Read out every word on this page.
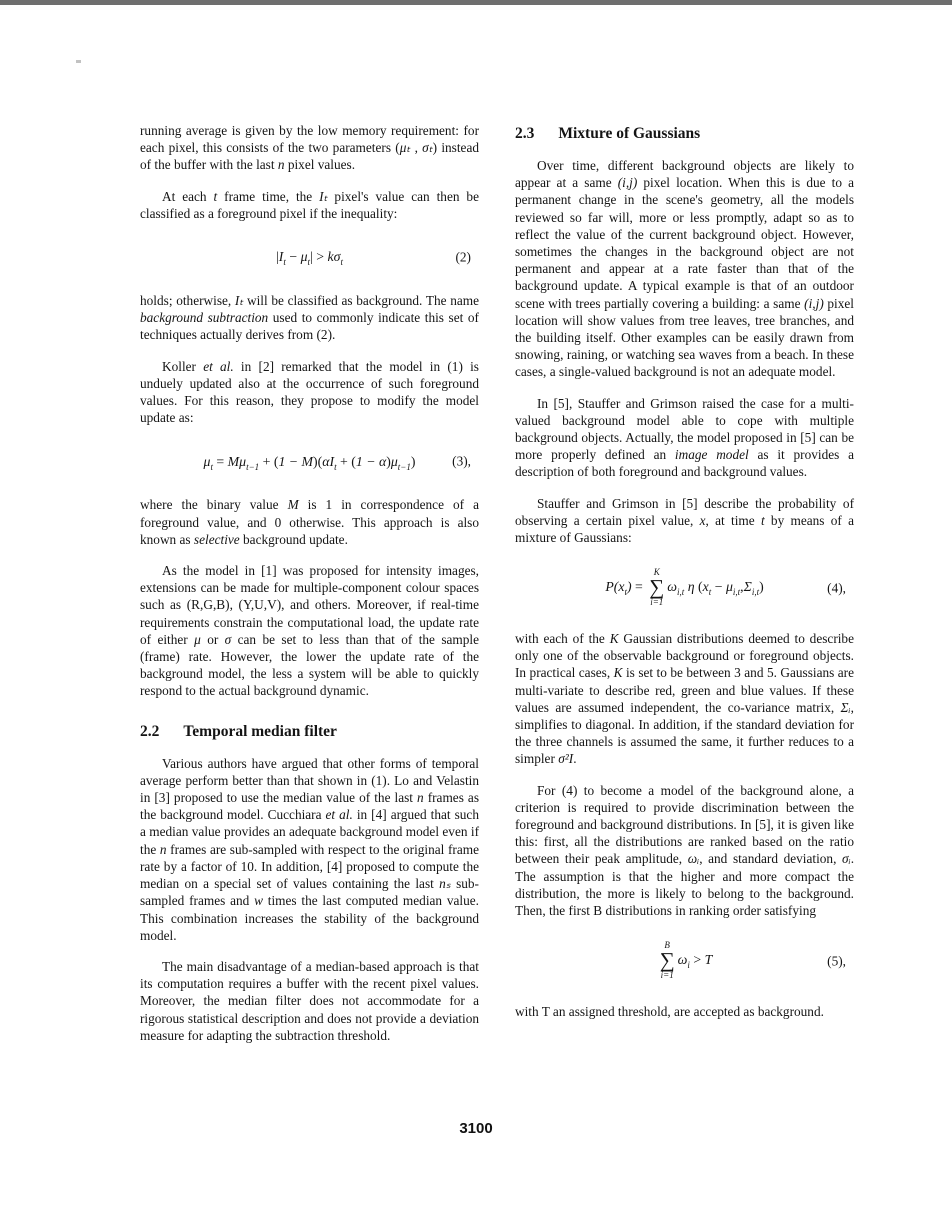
running average is given by the low memory requirement: for each pixel, this consists of the two parameters (μₜ , σₜ) instead of the buffer with the last n pixel values.

At each t frame time, the Iₜ pixel's value can then be classified as a foreground pixel if the inequality:

$|I_t - \mu_t| > k\sigma_t$	(2)

holds; otherwise, Iₜ will be classified as background. The name background subtraction used to commonly indicate this set of techniques actually derives from (2).

Koller et al. in [2] remarked that the model in (1) is unduely updated also at the occurrence of such foreground values. For this reason, they propose to modify the model update as:

$\mu_t = M\mu_{t-1} + (1 - M)(\alpha I_t + (1 - \alpha)\mu_{t-1})$	(3),

where the binary value M is 1 in correspondence of a foreground value, and 0 otherwise. This approach is also known as selective background update.

As the model in [1] was proposed for intensity images, extensions can be made for multiple-component colour spaces such as (R,G,B), (Y,U,V), and others. Moreover, if real-time requirements constrain the computational load, the update rate of either μ or σ can be set to less than that of the sample (frame) rate. However, the lower the update rate of the background model, the less a system will be able to quickly respond to the actual background dynamic.

2.2 Temporal median filter

Various authors have argued that other forms of temporal average perform better than that shown in (1). Lo and Velastin in [3] proposed to use the median value of the last n frames as the background model. Cucchiara et al. in [4] argued that such a median value provides an adequate background model even if the n frames are sub-sampled with respect to the original frame rate by a factor of 10. In addition, [4] proposed to compute the median on a special set of values containing the last nₛ sub-sampled frames and w times the last computed median value. This combination increases the stability of the background model.

The main disadvantage of a median-based approach is that its computation requires a buffer with the recent pixel values. Moreover, the median filter does not accommodate for a rigorous statistical description and does not provide a deviation measure for adapting the subtraction threshold.

2.3 Mixture of Gaussians

Over time, different background objects are likely to appear at a same (i,j) pixel location. When this is due to a permanent change in the scene's geometry, all the models reviewed so far will, more or less promptly, adapt so as to reflect the value of the current background object. However, sometimes the changes in the background object are not permanent and appear at a rate faster than that of the background update. A typical example is that of an outdoor scene with trees partially covering a building: a same (i,j) pixel location will show values from tree leaves, tree branches, and the building itself. Other examples can be easily drawn from snowing, raining, or watching sea waves from a beach. In these cases, a single-valued background is not an adequate model.

In [5], Stauffer and Grimson raised the case for a multi-valued background model able to cope with multiple background objects. Actually, the model proposed in [5] can be more properly defined an image model as it provides a description of both foreground and background values.

Stauffer and Grimson in [5] describe the probability of observing a certain pixel value, x, at time t by means of a mixture of Gaussians:

$P(x_t)$ =
K
∑
i=1
$\omega_{i,t}$ η $(x_t - \mu_{i,t},\Sigma_{i,t})$	(4),

with each of the K Gaussian distributions deemed to describe only one of the observable background or foreground objects. In practical cases, K is set to be between 3 and 5. Gaussians are multi-variate to describe red, green and blue values. If these values are assumed independent, the co-variance matrix, Σᵢ, simplifies to diagonal. In addition, if the standard deviation for the three channels is assumed the same, it further reduces to a simpler σ²I.

For (4) to become a model of the background alone, a criterion is required to provide discrimination between the foreground and background distributions. In [5], it is given like this: first, all the distributions are ranked based on the ratio between their peak amplitude, ωᵢ, and standard deviation, σᵢ. The assumption is that the higher and more compact the distribution, the more is likely to belong to the background. Then, the first B distributions in ranking order satisfying

B
∑
i=1
$\omega_i > T$	(5),

with T an assigned threshold, are accepted as background.

3100
